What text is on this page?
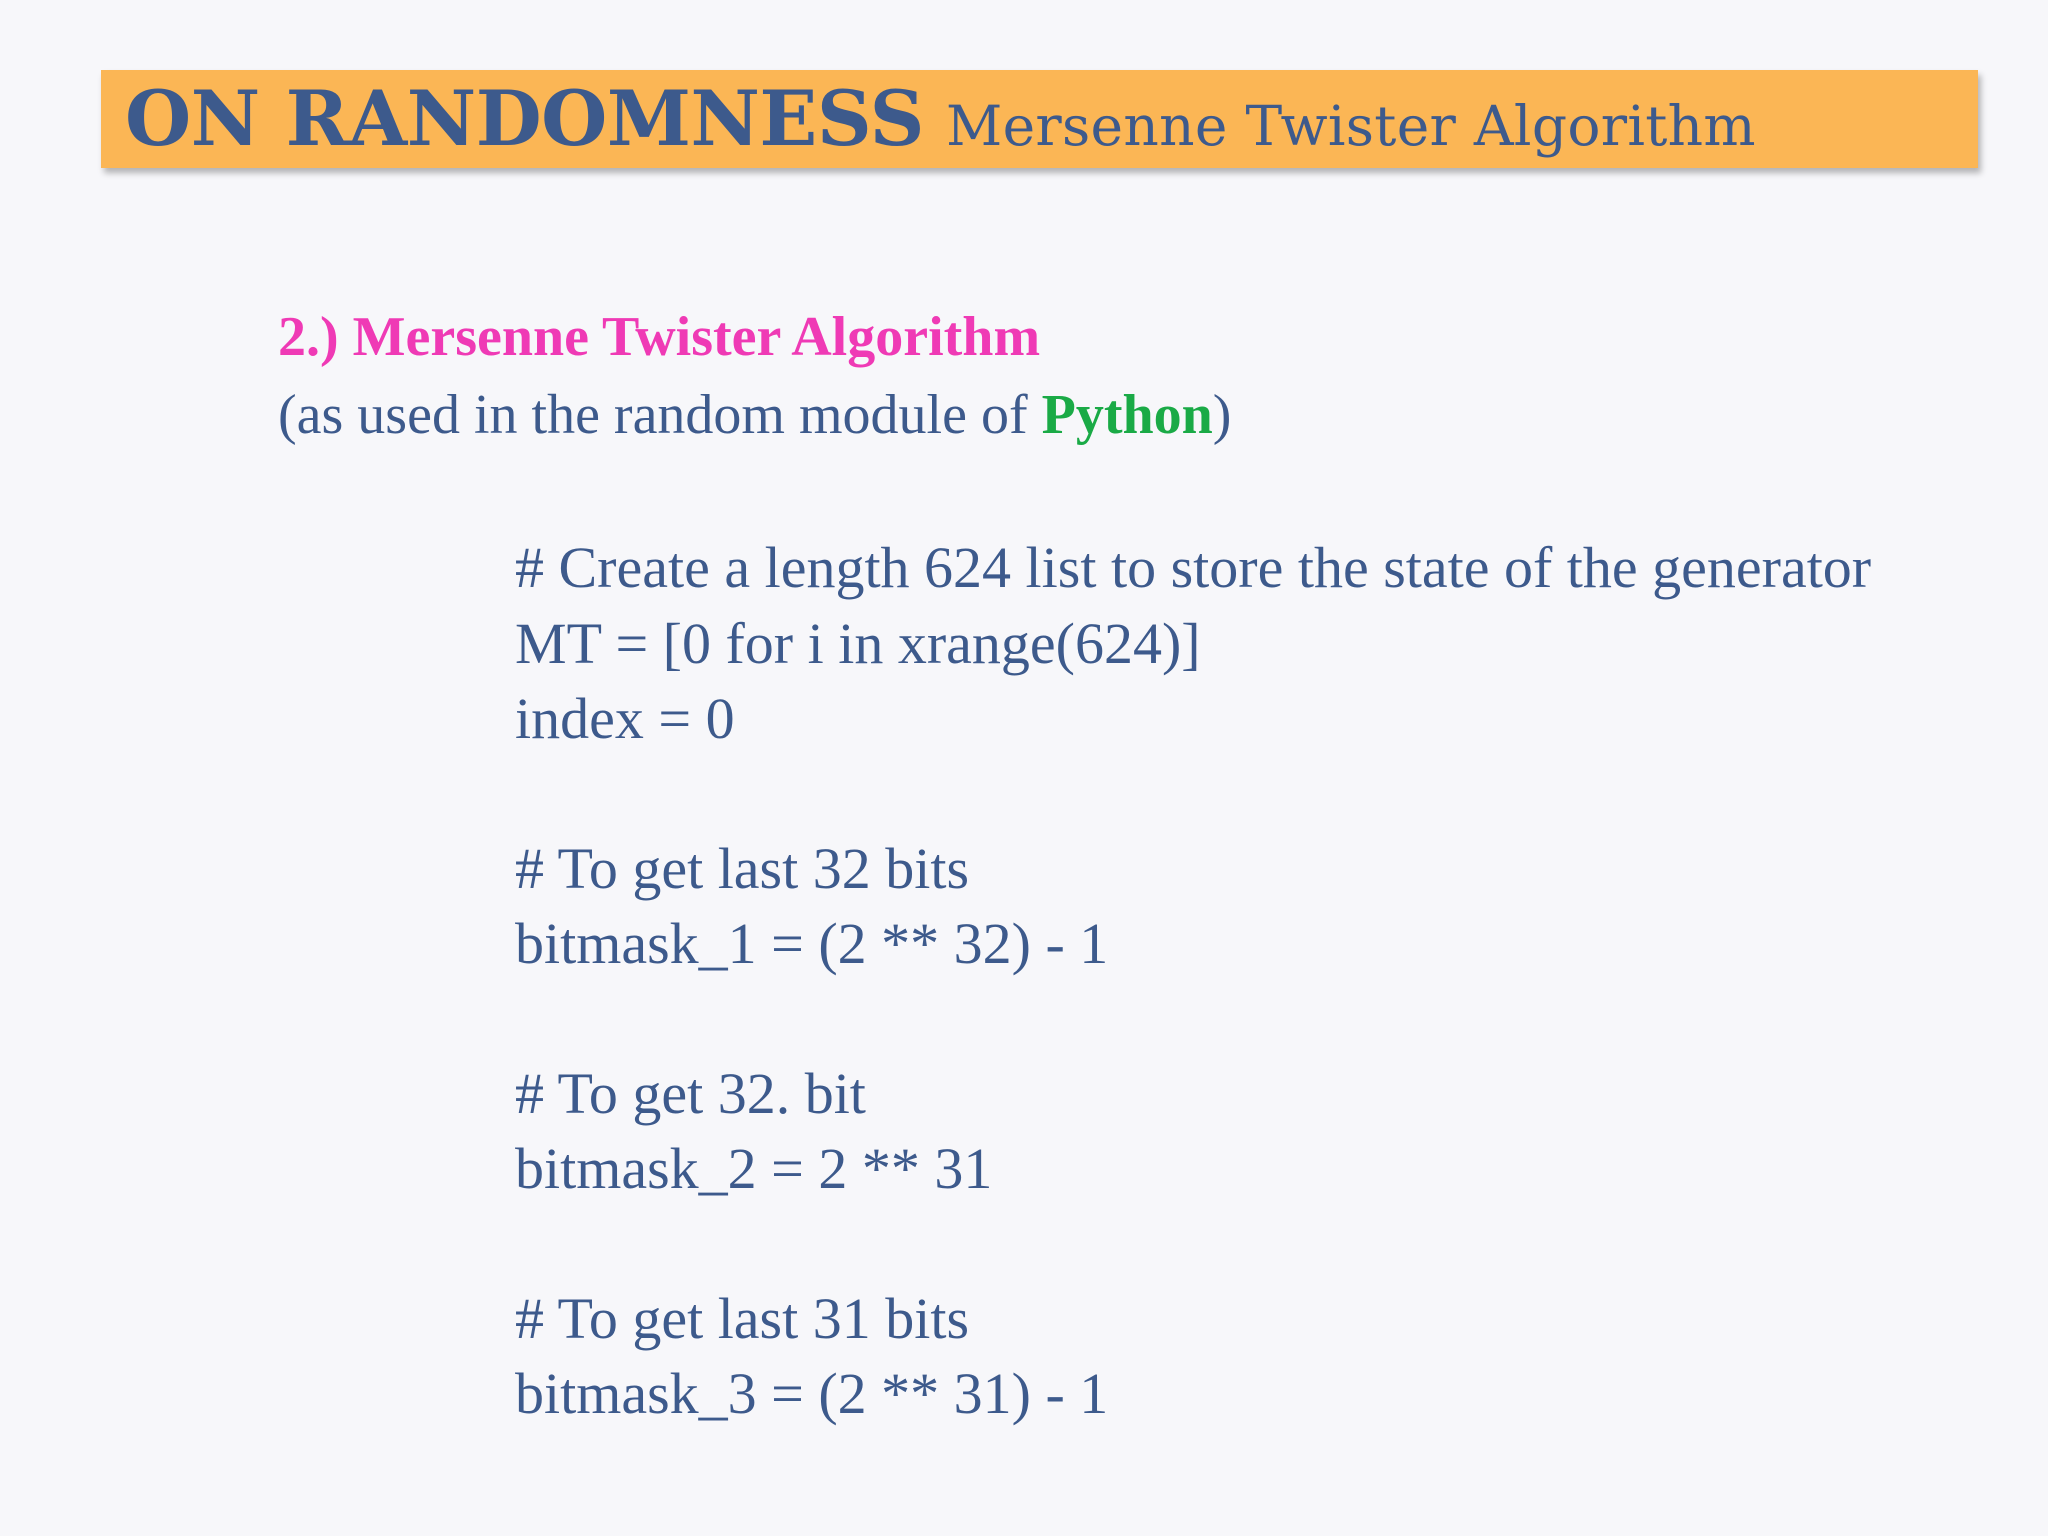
ON RANDOMNESS Mersenne Twister Algorithm
2.) Mersenne Twister Algorithm
(as used in the random module of Python)
# Create a length 624 list to store the state of the generator
MT = [0 for i in xrange(624)]
index = 0
# To get last 32 bits
bitmask_1 = (2 ** 32) - 1
# To get 32. bit
bitmask_2 = 2 ** 31
# To get last 31 bits
bitmask_3 = (2 ** 31) - 1
